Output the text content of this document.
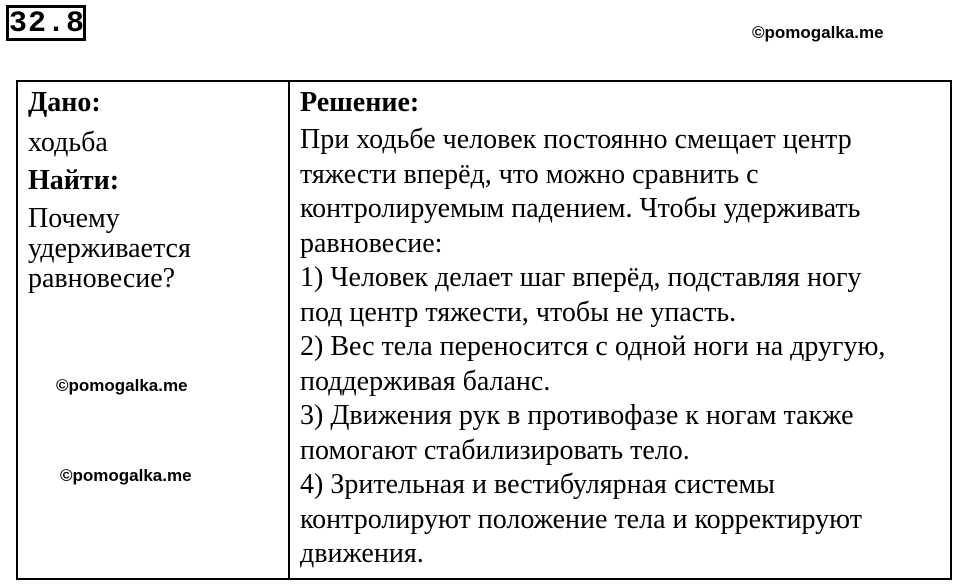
32.8	©pomogalka.me
Дано:
ходьба
Найти:
Почему
удерживается
равновесие?
Решение:

При ходьбе человек постоянно смещает центр

тяжести вперёд, что можно сравнить с

контролируемым падением. Чтобы удерживать

равновесие:

1) Человек делает шаг вперёд, подставляя ногу

под центр тяжести, чтобы не упасть.

2) Вес тела переносится с одной ноги на другую,

поддерживая баланс.

3) Движения рук в противофазе к ногам также

помогают стабилизировать тело.

4) Зрительная и вестибулярная системы

контролируют положение тела и корректируют

движения.

©pomogalka.me
©pomogalka.me
